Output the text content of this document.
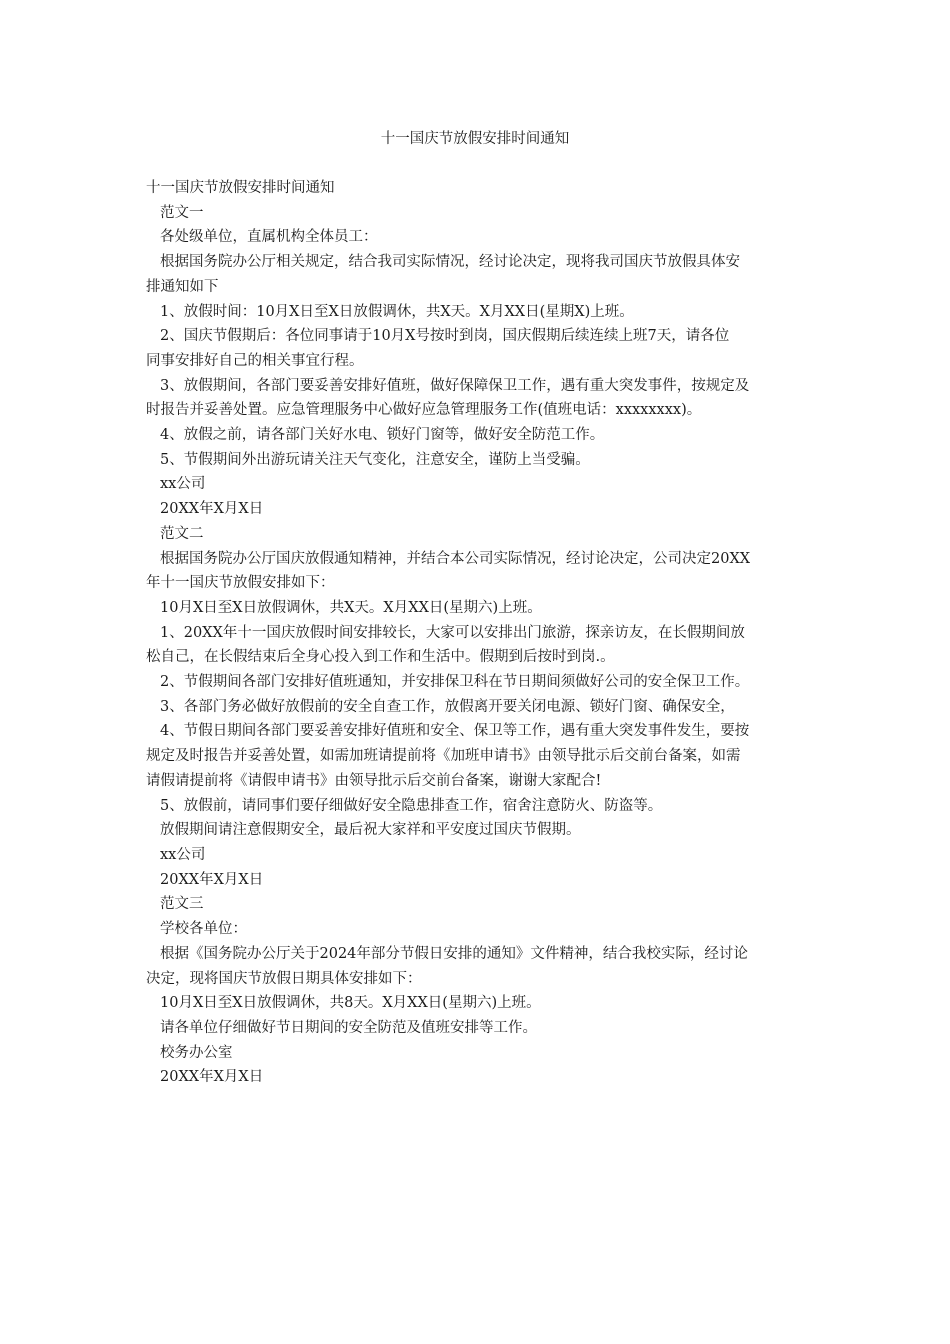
十一国庆节放假安排时间通知
十一国庆节放假安排时间通知
范文一
各处级单位，直属机构全体员工：
根据国务院办公厅相关规定，结合我司实际情况，经讨论决定，现将我司国庆节放假具体安
排通知如下
1、放假时间：10月X日至X日放假调休，共X天。X月XX日(星期X)上班。
2、国庆节假期后：各位同事请于10月X号按时到岗，国庆假期后续连续上班7天，请各位
同事安排好自己的相关事宜行程。
3、放假期间，各部门要妥善安排好值班，做好保障保卫工作，遇有重大突发事件，按规定及
时报告并妥善处置。应急管理服务中心做好应急管理服务工作(值班电话：xxxxxxxx)。
4、放假之前，请各部门关好水电、锁好门窗等，做好安全防范工作。
5、节假期间外出游玩请关注天气变化，注意安全，谨防上当受骗。
xx公司
20XX年X月X日
范文二
根据国务院办公厅国庆放假通知精神，并结合本公司实际情况，经讨论决定，公司决定20XX
年十一国庆节放假安排如下：
10月X日至X日放假调休，共X天。X月XX日(星期六)上班。
1、20XX年十一国庆放假时间安排较长，大家可以安排出门旅游，探亲访友，在长假期间放
松自己，在长假结束后全身心投入到工作和生活中。假期到后按时到岗.。
2、节假期间各部门安排好值班通知，并安排保卫科在节日期间须做好公司的安全保卫工作。
3、各部门务必做好放假前的安全自查工作，放假离开要关闭电源、锁好门窗、确保安全，
4、节假日期间各部门要妥善安排好值班和安全、保卫等工作，遇有重大突发事件发生，要按
规定及时报告并妥善处置，如需加班请提前将《加班申请书》由领导批示后交前台备案，如需
请假请提前将《请假申请书》由领导批示后交前台备案，谢谢大家配合!
5、放假前，请同事们要仔细做好安全隐患排查工作，宿舍注意防火、防盗等。
放假期间请注意假期安全，最后祝大家祥和平安度过国庆节假期。
xx公司
20XX年X月X日
范文三
学校各单位：
根据《国务院办公厅关于2024年部分节假日安排的通知》文件精神，结合我校实际，经讨论
决定，现将国庆节放假日期具体安排如下：
10月X日至X日放假调休，共8天。X月XX日(星期六)上班。
请各单位仔细做好节日期间的安全防范及值班安排等工作。
校务办公室
20XX年X月X日
